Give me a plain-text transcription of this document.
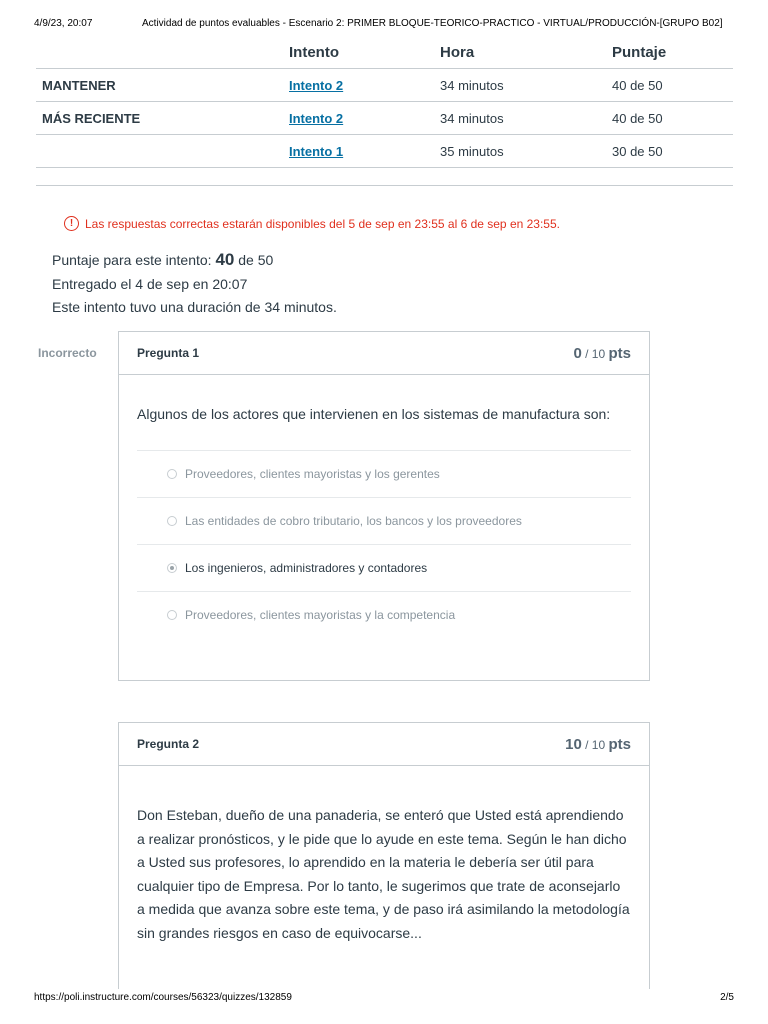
4/9/23, 20:07	Actividad de puntos evaluables - Escenario 2: PRIMER BLOQUE-TEORICO-PRACTICO - VIRTUAL/PRODUCCIÓN-[GRUPO B02]
	Intento	Hora	Puntaje
MANTENER	Intento 2	34 minutos	40 de 50
MÁS RECIENTE	Intento 2	34 minutos	40 de 50
	Intento 1	35 minutos	30 de 50
! Las respuestas correctas estarán disponibles del 5 de sep en 23:55 al 6 de sep en 23:55.
Puntaje para este intento: 40 de 50
Entregado el 4 de sep en 20:07
Este intento tuvo una duración de 34 minutos.
Incorrecto	Pregunta 1	0 / 10 pts
Algunos de los actores que intervienen en los sistemas de manufactura son:
Proveedores, clientes mayoristas y los gerentes
Las entidades de cobro tributario, los bancos y los proveedores
Los ingenieros, administradores y contadores
Proveedores, clientes mayoristas y la competencia
Pregunta 2	10 / 10 pts
Don Esteban, dueño de una panaderia, se enteró que Usted está aprendiendo a realizar pronósticos, y le pide que lo ayude en este tema. Según le han dicho a Usted sus profesores, lo aprendido en la materia le debería ser útil para cualquier tipo de Empresa. Por lo tanto, le sugerimos que trate de aconsejarlo a medida que avanza sobre este tema, y de paso irá asimilando la metodología sin grandes riesgos en caso de equivocarse...
https://poli.instructure.com/courses/56323/quizzes/132859	2/5
